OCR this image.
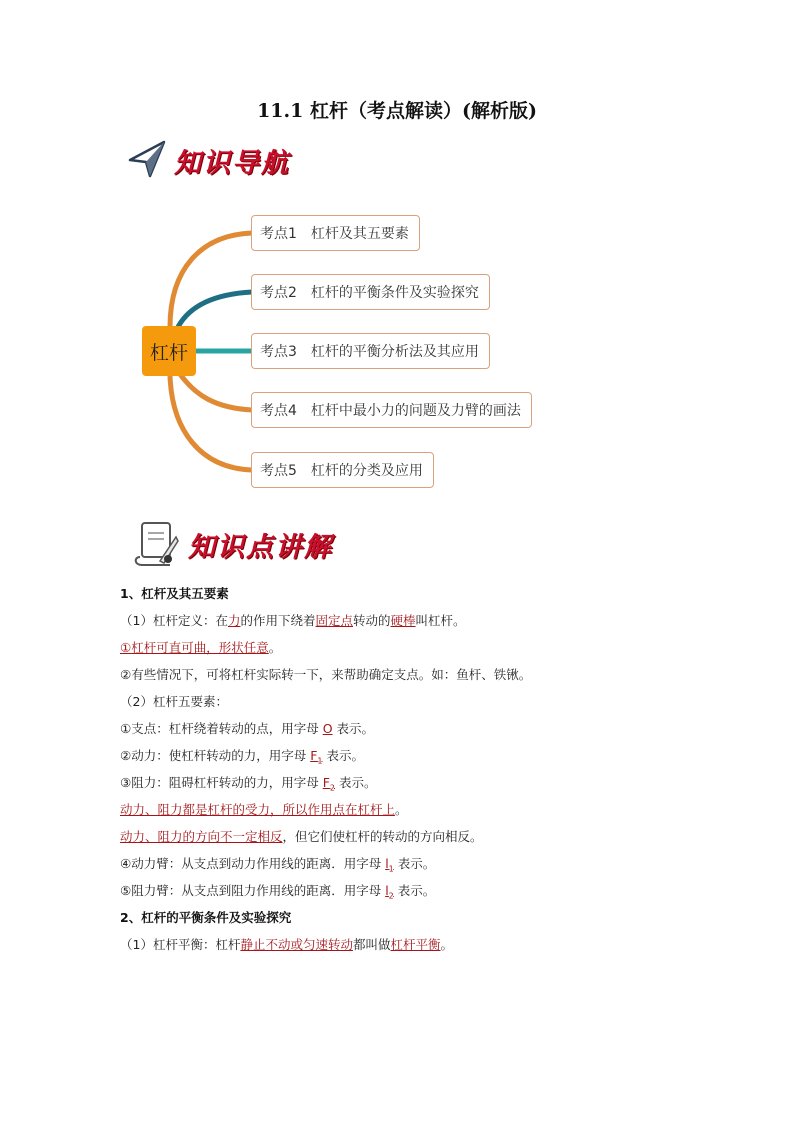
11.1 杠杆（考点解读）(解析版)
知识导航
杠杆
考点1 杠杆及其五要素
考点2 杠杆的平衡条件及实验探究
考点3 杠杆的平衡分析法及其应用
考点4 杠杆中最小力的问题及力臂的画法
考点5 杠杆的分类及应用
知识点讲解
1、杠杆及其五要素
（1）杠杆定义：在力的作用下绕着固定点转动的硬棒叫杠杆。
①杠杆可直可曲，形状任意。
②有些情况下，可将杠杆实际转一下，来帮助确定支点。如：鱼杆、铁锹。
（2）杠杆五要素：
①支点：杠杆绕着转动的点，用字母 O 表示。
②动力：使杠杆转动的力，用字母 $F_1$ 表示。
③阻力：阻碍杠杆转动的力，用字母 $F_2$ 表示。
动力、阻力都是杠杆的受力，所以作用点在杠杆上。
动力、阻力的方向不一定相反，但它们使杠杆的转动的方向相反。
④动力臂：从支点到动力作用线的距离．用字母 $l_1$ 表示。
⑤阻力臂：从支点到阻力作用线的距离．用字母 $l_2$ 表示。
2、杠杆的平衡条件及实验探究
（1）杠杆平衡：杠杆静止不动或匀速转动都叫做杠杆平衡。
